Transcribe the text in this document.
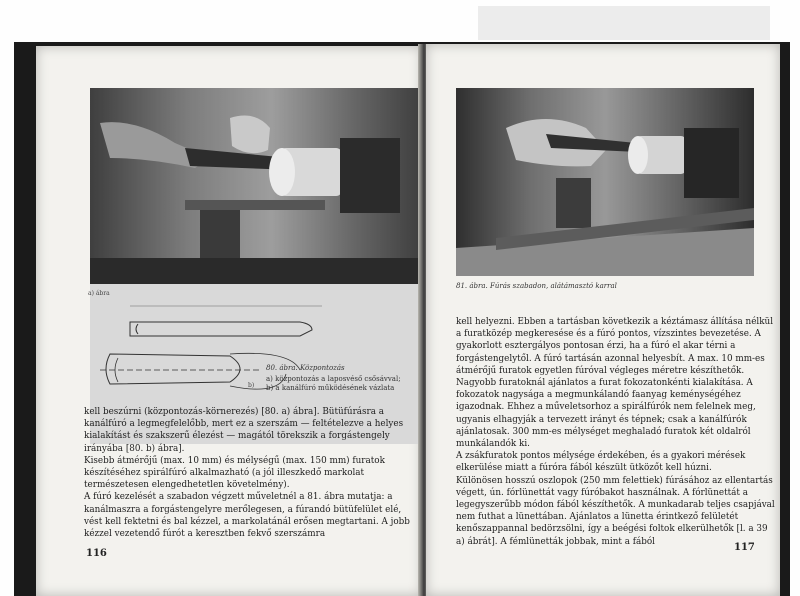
a) ábra
80. ábra. Központozás
a) központozás a laposvéső csősávval;
b) a kanálfúró működésének vázlata
b)

kell beszúrni (központozás-körnerezés) [80. a) ábra]. Bütüfúrásra a kanálfúró a legmegfelelőbb, mert ez a szerszám — feltételezve a helyes kialakítást és szakszerű élezést — magától törekszik a forgástengely irányába [80. b) ábra].

Kisebb átmérőjű (max. 10 mm) és mélységű (max. 150 mm) furatok készítéséhez spirálfúró alkalmazható (a jól illeszkedő markolat természetesen elengedhetetlen követelmény).

A fúró kezelését a szabadon végzett műveletnél a 81. ábra mutatja: a kanálmaszra a forgástengelyre merőlegesen, a fúrandó bütüfelület elé, vést kell fektetni és bal kézzel, a markolatánál erősen megtartani. A jobb kézzel vezetendő fúrót a keresztben fekvő szerszámra

116
81. ábra. Fúrás szabadon, alátámasztó karral

kell helyezni. Ebben a tartásban következik a kéztámasz állítása nélkül a furatközép megkeresése és a fúró pontos, vízszintes bevezetése. A gyakorlott esztergályos pontosan érzi, ha a fúró el akar térni a forgástengelytől. A fúró tartásán azonnal helyesbít. A max. 10 mm-es átmérőjű furatok egyetlen fúróval végleges méretre készíthetők. Nagyobb furatoknál ajánlatos a furat fokozatonkénti kialakítása. A fokozatok nagysága a megmunkálandó faanyag keménységéhez igazodnak. Ehhez a műveletsorhoz a spirálfúrók nem felelnek meg, ugyanis elhagyják a tervezett irányt és tépnek; csak a kanálfúrók ajánlatosak. 300 mm-es mélységet meghaladó furatok két oldalról munkálandók ki.

A zsákfuratok pontos mélysége érdekében, és a gyakori mérések elkerülése miatt a fúróra fából készült ütközőt kell húzni.

Különösen hosszú oszlopok (250 mm felettiek) fúrásához az ellentartás végett, ún. fórlünettát vagy fúróbakot használnak. A fórlünettát a legegyszerűbb módon fából készíthetők. A munkadarab teljes csapjával nem futhat a lünettában. Ajánlatos a lünetta érintkező felületét kenőszappannal bedörzsölni, így a beégési foltok elkerülhetők [l. a 39 a) ábrát]. A fémlünetták jobbak, mint a fából

117
